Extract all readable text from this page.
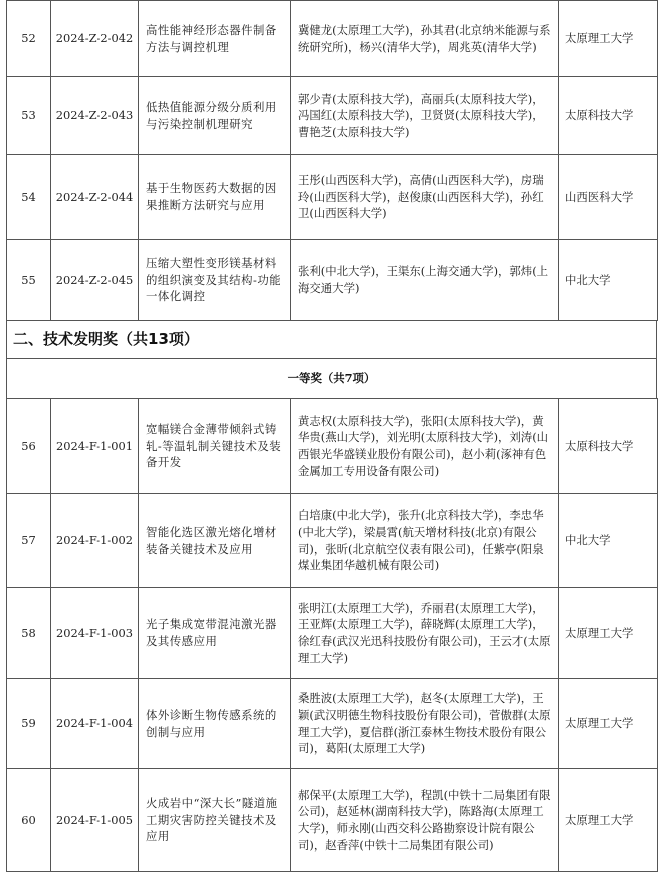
52	2024-Z-2-042	高性能神经形态器件制备方法与调控机理	冀健龙(太原理工大学)，孙其君(北京纳米能源与系统研究所)，杨兴(清华大学)，周兆英(清华大学)	太原理工大学
53	2024-Z-2-043	低热值能源分级分质利用与污染控制机理研究	郭少青(太原科技大学)，高丽兵(太原科技大学)，冯国红(太原科技大学)，卫贤贤(太原科技大学)，曹艳芝(太原科技大学)	太原科技大学
54	2024-Z-2-044	基于生物医药大数据的因果推断方法研究与应用	王彤(山西医科大学)，高倩(山西医科大学)，房瑞玲(山西医科大学)，赵俊康(山西医科大学)，孙红卫(山西医科大学)	山西医科大学
55	2024-Z-2-045	压缩大塑性变形镁基材料的组织演变及其结构-功能一体化调控	张利(中北大学)，王渠东(上海交通大学)，郭炜(上海交通大学)	中北大学
二、技术发明奖（共13项）
一等奖（共7项）
56	2024-F-1-001	宽幅镁合金薄带倾斜式铸轧-等温轧制关键技术及装备开发	黄志权(太原科技大学)，张阳(太原科技大学)，黄华贵(燕山大学)，刘光明(太原科技大学)，刘涛(山西银光华盛镁业股份有限公司)，赵小莉(涿神有色金属加工专用设备有限公司)	太原科技大学
57	2024-F-1-002	智能化选区激光熔化增材装备关键技术及应用	白培康(中北大学)，张升(北京科技大学)，李忠华(中北大学)，梁晨霄(航天增材科技(北京)有限公司)，张昕(北京航空仪表有限公司)，任紫亭(阳泉煤业集团华越机械有限公司)	中北大学
58	2024-F-1-003	光子集成宽带混沌激光器及其传感应用	张明江(太原理工大学)，乔丽君(太原理工大学)，王亚辉(太原理工大学)，薛晓辉(太原理工大学)，徐红春(武汉光迅科技股份有限公司)，王云才(太原理工大学)	太原理工大学
59	2024-F-1-004	体外诊断生物传感系统的创制与应用	桑胜波(太原理工大学)，赵冬(太原理工大学)，王颖(武汉明德生物科技股份有限公司)，菅傲群(太原理工大学)，夏信群(浙江泰林生物技术股份有限公司)，葛阳(太原理工大学)	太原理工大学
60	2024-F-1-005	火成岩中“深大长”隧道施工期灾害防控关键技术及应用	郝保平(太原理工大学)，程凯(中铁十二局集团有限公司)，赵延林(湖南科技大学)，陈路海(太原理工大学)，师永刚(山西交科公路勘察设计院有限公司)，赵香萍(中铁十二局集团有限公司)	太原理工大学
